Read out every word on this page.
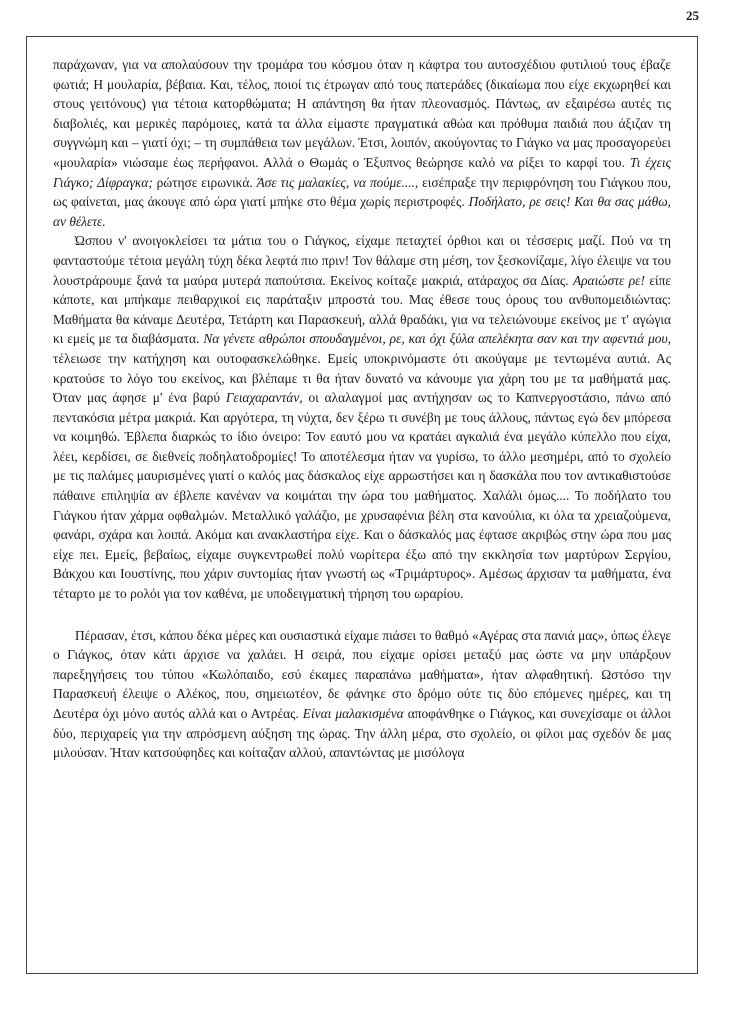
25

παράχωναν, για να απολαύσουν την τρομάρα του κόσμου όταν η κάφτρα του αυτοσχέδιου φυτιλιού τους έβαζε φωτιά; Η μουλαρία, βέβαια. Και, τέλος, ποιοί τις έτρωγαν από τους πατεράδες (δικαίωμα που είχε εκχωρηθεί και στους γειτόνους) για τέτοια κατορθώματα; Η απάντηση θα ήταν πλεονασμός. Πάντως, αν εξαιρέσω αυτές τις διαβολιές, και μερικές παρόμοιες, κατά τα άλλα είμαστε πραγματικά αθώα και πρόθυμα παιδιά που άξιζαν τη συγγνώμη και – γιατί όχι; – τη συμπάθεια των μεγάλων. Έτσι, λοιπόν, ακούγοντας το Γιάγκο να μας προσαγορεύει «μουλαρία» νιώσαμε έως περήφανοι. Αλλά ο Θωμάς ο Έξυπνος θεώρησε καλό να ρίξει το καρφί του. Τι έχεις Γιάγκο; Δίφραγκα; ρώτησε ειρωνικά. Άσε τις μαλακίες, να πούμε...., εισέπραξε την περιφρόνηση του Γιάγκου που, ως φαίνεται, μας άκουγε από ώρα γιατί μπήκε στο θέμα χωρίς περιστροφές. Ποδήλατο, ρε σεις! Και θα σας μάθω, αν θέλετε.

Ώσπου ν' ανοιγοκλείσει τα μάτια του ο Γιάγκος, είχαμε πεταχτεί όρθιοι και οι τέσσερις μαζί. Πού να τη φανταστούμε τέτοια μεγάλη τύχη δέκα λεφτά πιο πριν! Τον θάλαμε στη μέση, τον ξεσκονίζαμε, λίγο έλειψε να του λουστράρουμε ξανά τα μαύρα μυτερά παπούτσια. Εκείνος κοίταζε μακριά, ατάραχος σα Δίας. Αραιώστε ρε! είπε κάποτε, και μπήκαμε πειθαρχικοί εις παράταξιν μπροστά του. Μας έθεσε τους όρους του ανθυπομειδιώντας: Μαθήματα θα κάναμε Δευτέρα, Τετάρτη και Παρασκευή, αλλά θραδάκι, για να τελειώνουμε εκείνος με τ' αγώγια κι εμείς με τα διαβάσματα. Να γένετε αθρώποι σπουδαγμένοι, ρε, και όχι ξύλα απελέκητα σαν και την αφεντιά μου, τέλειωσε την κατήχηση και ουτοφασκελώθηκε. Εμείς υποκρινόμαστε ότι ακούγαμε με τεντωμένα αυτιά. Ας κρατούσε το λόγο του εκείνος, και βλέπαμε τι θα ήταν δυνατό να κάνουμε για χάρη του με τα μαθήματά μας. Όταν μας άφησε μ' ένα βαρύ Γειαχαραντάν, οι αλαλαγμοί μας αντήχησαν ως το Καπνεργοστάσιο, πάνω από πεντακόσια μέτρα μακριά. Και αργότερα, τη νύχτα, δεν ξέρω τι συνέβη με τους άλλους, πάντως εγώ δεν μπόρεσα να κοιμηθώ. Έβλεπα διαρκώς το ίδιο όνειρο: Τον εαυτό μου να κρατάει αγκαλιά ένα μεγάλο κύπελλο που είχα, λέει, κερδίσει, σε διεθνείς ποδηλατοδρομίες! Το αποτέλεσμα ήταν να γυρίσω, το άλλο μεσημέρι, από το σχολείο με τις παλάμες μαυρισμένες γιατί ο καλός μας δάσκαλος είχε αρρωστήσει και η δασκάλα που τον αντικαθιστούσε πάθαινε επιληψία αν έβλεπε κανέναν να κοιμάται την ώρα του μαθήματος. Χαλάλι όμως.... Το ποδήλατο του Γιάγκου ήταν χάρμα οφθαλμών. Μεταλλικό γαλάζιο, με χρυσαφένια βέλη στα κανούλια, κι όλα τα χρειαζούμενα, φανάρι, σχάρα και λοιπά. Ακόμα και ανακλαστήρα είχε. Και ο δάσκαλός μας έφτασε ακριβώς στην ώρα που μας είχε πει. Εμείς, βεβαίως, είχαμε συγκεντρωθεί πολύ νωρίτερα έξω από την εκκλησία των μαρτύρων Σεργίου, Βάκχου και Ιουστίνης, που χάριν συντομίας ήταν γνωστή ως «Τριμάρτυρος». Αμέσως άρχισαν τα μαθήματα, ένα τέταρτο με το ρολόι για τον καθένα, με υποδειγματική τήρηση του ωραρίου.

Πέρασαν, έτσι, κάπου δέκα μέρες και ουσιαστικά είχαμε πιάσει το θαθμό «Αγέρας στα πανιά μας», όπως έλεγε ο Γιάγκος, όταν κάτι άρχισε να χαλάει. Η σειρά, που είχαμε ορίσει μεταξύ μας ώστε να μην υπάρξουν παρεξηγήσεις του τύπου «Κωλόπαιδο, εσύ έκαμες παραπάνω μαθήματα», ήταν αλφαθητική. Ωστόσο την Παρασκευή έλειψε ο Αλέκος, που, σημειωτέον, δε φάνηκε στο δρόμο ούτε τις δύο επόμενες ημέρες, και τη Δευτέρα όχι μόνο αυτός αλλά και ο Αντρέας. Είναι μαλακισμένα αποφάνθηκε ο Γιάγκος, και συνεχίσαμε οι άλλοι δύο, περιχαρείς για την απρόσμενη αύξηση της ώρας. Την άλλη μέρα, στο σχολείο, οι φίλοι μας σχεδόν δε μας μιλούσαν. Ήταν κατσούφηδες και κοίταζαν αλλού, απαντώντας με μισόλογα
